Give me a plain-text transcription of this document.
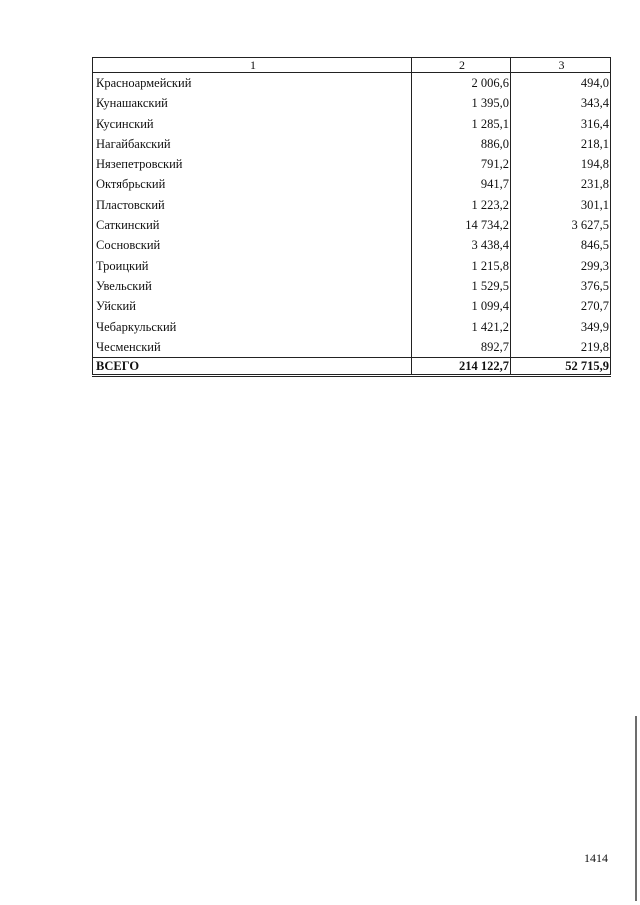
1	2	3
Красноармейский	2 006,6	494,0
Кунашакский	1 395,0	343,4
Кусинский	1 285,1	316,4
Нагайбакский	886,0	218,1
Нязепетровский	791,2	194,8
Октябрьский	941,7	231,8
Пластовский	1 223,2	301,1
Саткинский	14 734,2	3 627,5
Сосновский	3 438,4	846,5
Троицкий	1 215,8	299,3
Увельский	1 529,5	376,5
Уйский	1 099,4	270,7
Чебаркульский	1 421,2	349,9
Чесменский	892,7	219,8
ВСЕГО	214 122,7	52 715,9
1414
